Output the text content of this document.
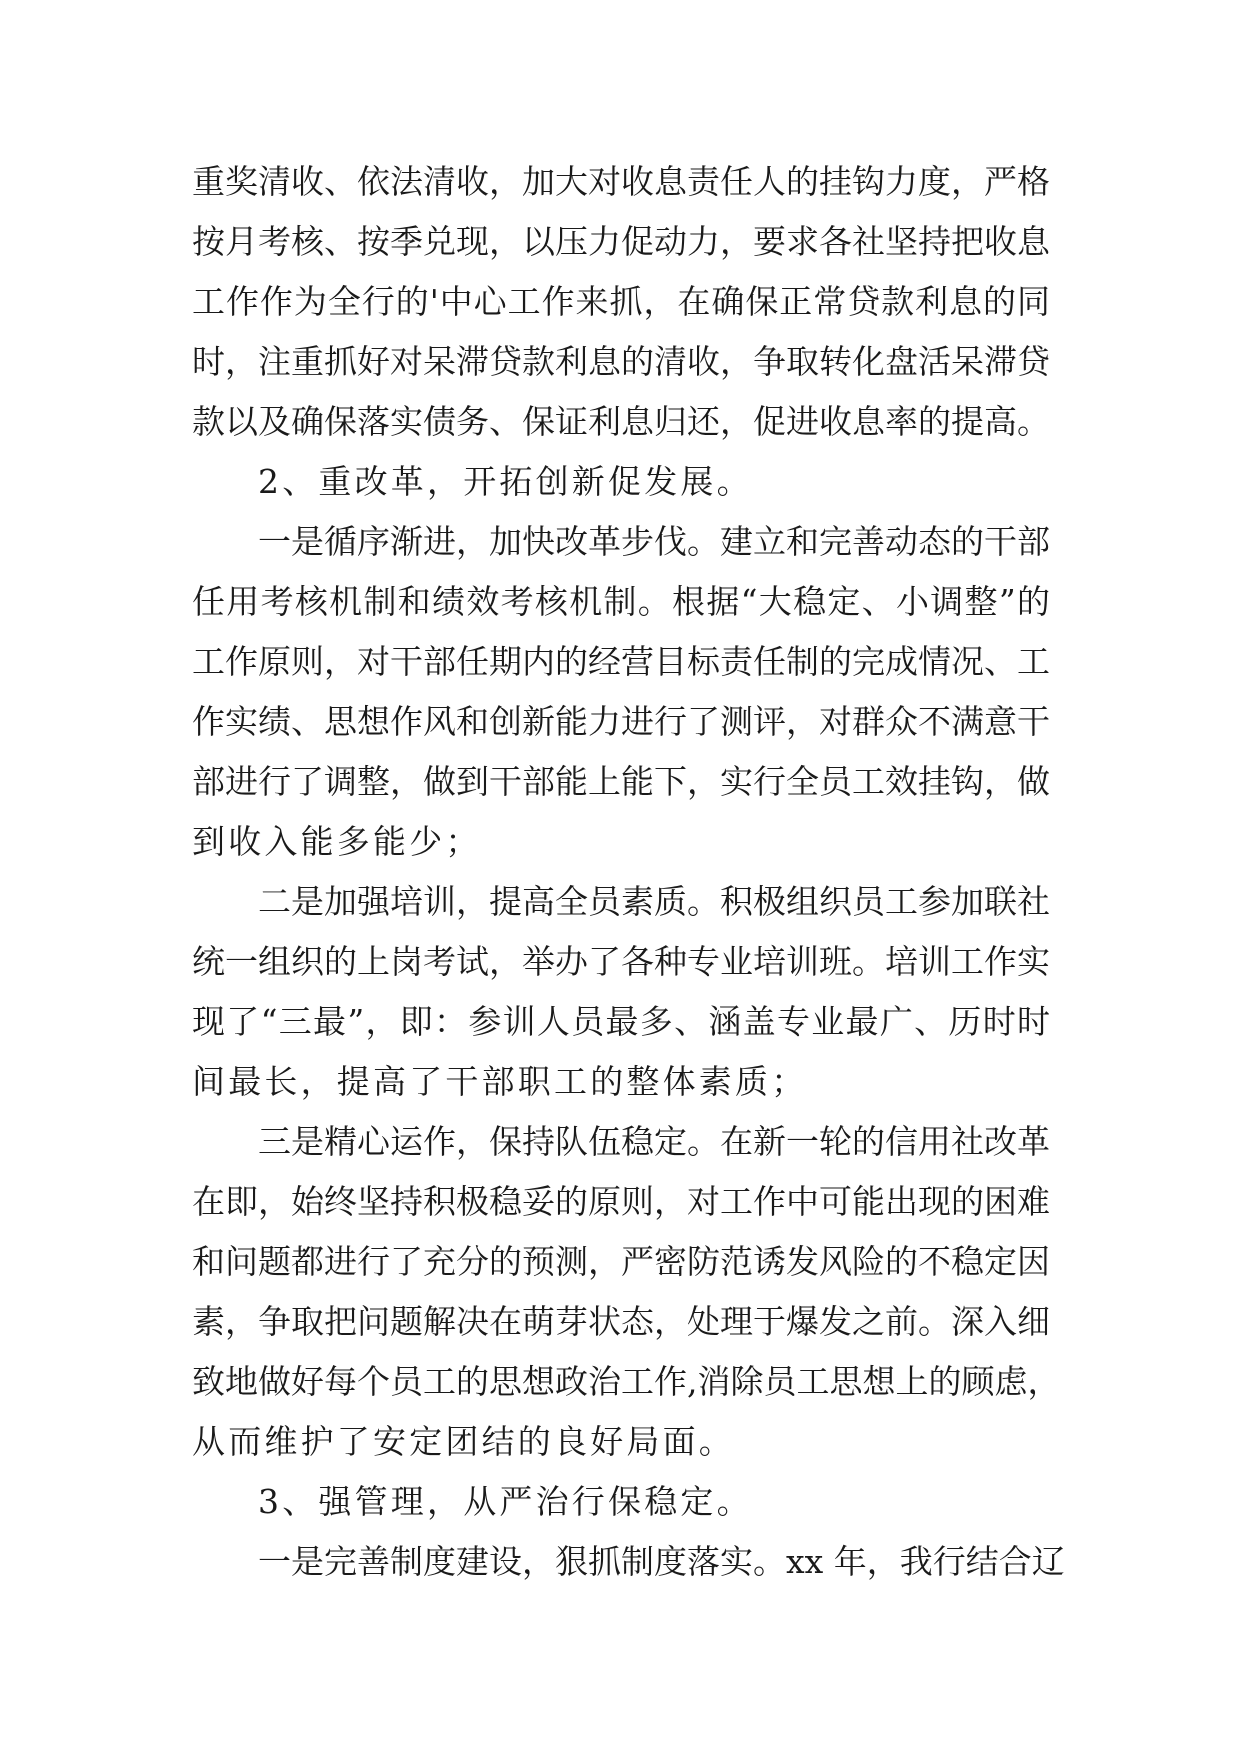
重奖清收、依法清收，加大对收息责任人的挂钩力度，严格
按月考核、按季兑现，以压力促动力，要求各社坚持把收息
工作作为全行的'中心工作来抓，在确保正常贷款利息的同
时，注重抓好对呆滞贷款利息的清收，争取转化盘活呆滞贷
款以及确保落实债务、保证利息归还，促进收息率的提高。
2、重改革，开拓创新促发展。
一是循序渐进，加快改革步伐。建立和完善动态的干部
任用考核机制和绩效考核机制。根据“大稳定、小调整”的
工作原则，对干部任期内的经营目标责任制的完成情况、工
作实绩、思想作风和创新能力进行了测评，对群众不满意干
部进行了调整，做到干部能上能下，实行全员工效挂钩，做
到收入能多能少；
二是加强培训，提高全员素质。积极组织员工参加联社
统一组织的上岗考试，举办了各种专业培训班。培训工作实
现了“三最”，即：参训人员最多、涵盖专业最广、历时时
间最长，提高了干部职工的整体素质；
三是精心运作，保持队伍稳定。在新一轮的信用社改革
在即，始终坚持积极稳妥的原则，对工作中可能出现的困难
和问题都进行了充分的预测，严密防范诱发风险的不稳定因
素，争取把问题解决在萌芽状态，处理于爆发之前。深入细
致地做好每个员工的思想政治工作,消除员工思想上的顾虑，
从而维护了安定团结的良好局面。
3、强管理，从严治行保稳定。
一是完善制度建设，狠抓制度落实。xx 年，我行结合辽
